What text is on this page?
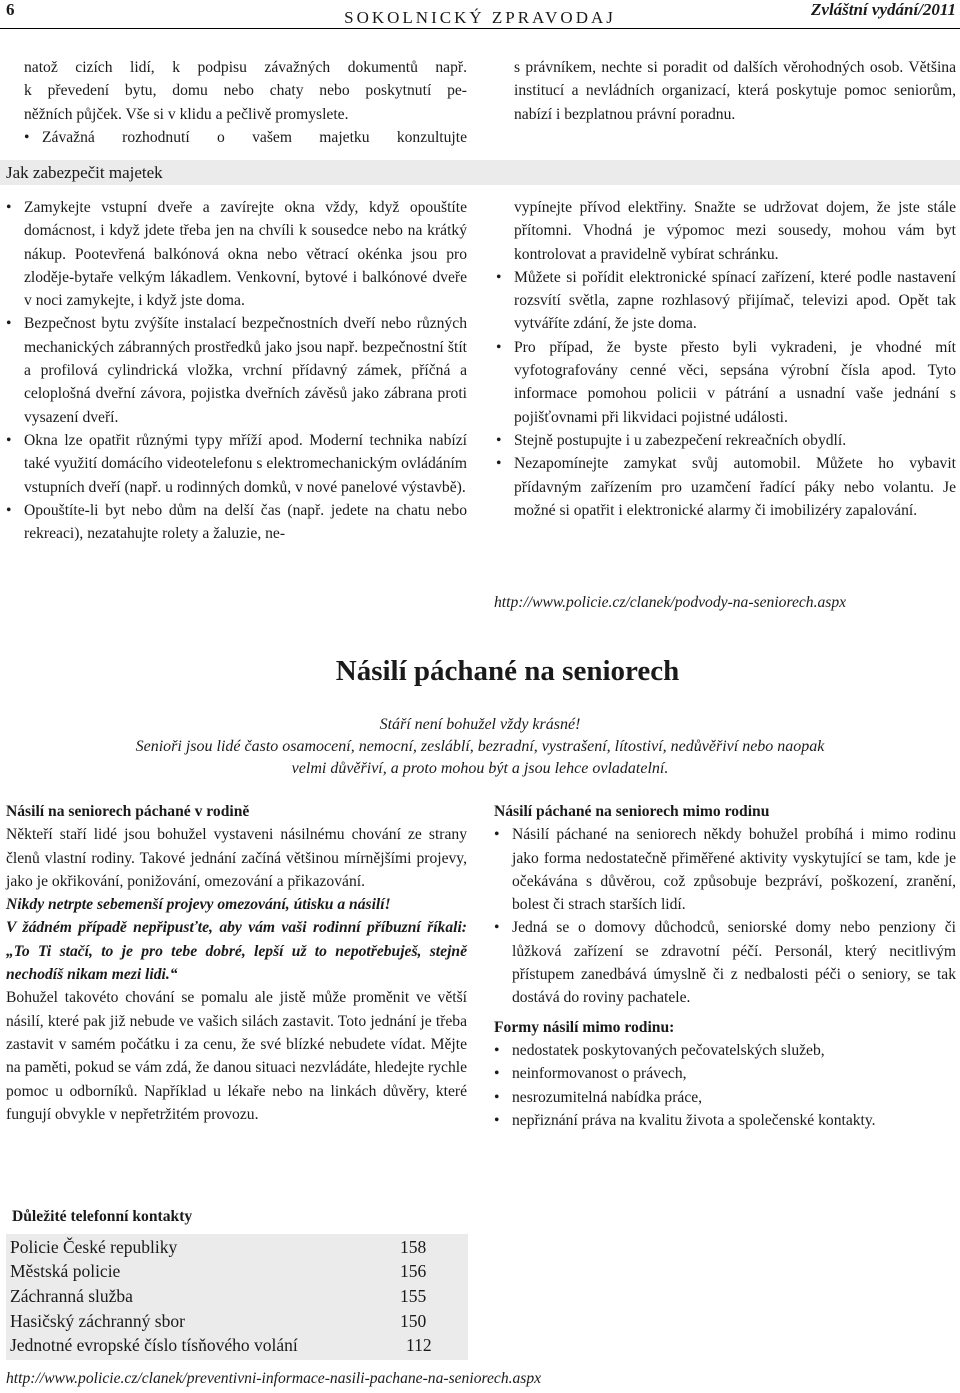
6	SOKOLNICKÝ ZPRAVODAJ	Zvláštní vydání/2011
natož cizích lidí, k podpisu závažných dokumentů např.
k převedení bytu, domu nebo chaty nebo poskytnutí pe-
něžních půjček. Vše si v klidu a pečlivě promyslete.
• Závažná rozhodnutí o vašem majetku konzultujte
s právníkem, nechte si poradit od dalších věrohodných osob. Většina institucí a nevládních organizací, která poskytuje pomoc seniorům, nabízí i bezplatnou právní poradnu.
Jak zabezpečit majetek
• Zamykejte vstupní dveře a zavírejte okna vždy, když opouštíte domácnost, i když jdete třeba jen na chvíli k sousedce nebo na krátký nákup. Pootevřená balkónová okna nebo větrací okénka jsou pro zloděje-bytaře velkým lákadlem. Venkovní, bytové i balkónové dveře v noci zamykejte, i když jste doma.
• Bezpečnost bytu zvýšíte instalací bezpečnostních dveří nebo různých mechanických zábranných prostředků jako jsou např. bezpečnostní štít a profilová cylindrická vložka, vrchní přídavný zámek, příčná a celoplošná dveřní závora, pojistka dveřních závěsů jako zábrana proti vysazení dveří.
• Okna lze opatřit různými typy mříží apod. Moderní technika nabízí také využití domácího videotelefonu s elektromechanickým ovládáním vstupních dveří (např. u rodinných domků, v nové panelové výstavbě).
• Opouštíte-li byt nebo dům na delší čas (např. jedete na chatu nebo rekreaci), nezatahujte rolety a žaluzie, ne-
vypínejte přívod elektřiny. Snažte se udržovat dojem, že jste stále přítomni. Vhodná je výpomoc mezi sousedy, mohou vám byt kontrolovat a pravidelně vybírat schránku.
• Můžete si pořídit elektronické spínací zařízení, které podle nastavení rozsvítí světla, zapne rozhlasový přijímač, televizi apod. Opět tak vytváříte zdání, že jste doma.
• Pro případ, že byste přesto byli vykradeni, je vhodné mít vyfotografovány cenné věci, sepsána výrobní čísla apod. Tyto informace pomohou policii v pátrání a usnadní vaše jednání s pojišťovnami při likvidaci pojistné události.
• Stejně postupujte i u zabezpečení rekreačních obydlí.
• Nezapomínejte zamykat svůj automobil. Můžete ho vybavit přídavným zařízením pro uzamčení řadící páky nebo volantu. Je možné si opatřit i elektronické alarmy či imobilizéry zapalování.
http://www.policie.cz/clanek/podvody-na-seniorech.aspx
Násilí páchané na seniorech
Stáří není bohužel vždy krásné!
Senioři jsou lidé často osamocení, nemocní, zesláblí, bezradní, vystrašení, lítostiví, nedůvěřiví nebo naopak
velmi důvěřiví, a proto mohou být a jsou lehce ovladatelní.
Násilí na seniorech páchané v rodině
Někteří staří lidé jsou bohužel vystaveni násilnému chování ze strany členů vlastní rodiny. Takové jednání začíná většinou mírnějšími projevy, jako je okřikování, ponižování, omezování a přikazování.
Nikdy netrpte sebemenší projevy omezování, útisku a násilí!
V žádném případě nepřipusťte, aby vám vaši rodinní příbuzní říkali: „To Ti stačí, to je pro tebe dobré, lepší už to nepotřebuješ, stejně nechodíš nikam mezi lidi.“
Bohužel takovéto chování se pomalu ale jistě může proměnit ve větší násilí, které pak již nebude ve vašich silách zastavit. Toto jednání je třeba zastavit v samém počátku i za cenu, že své blízké nebudete vídat. Mějte na paměti, pokud se vám zdá, že danou situaci nezvládáte, hledejte rychle pomoc u odborníků. Například u lékaře nebo na linkách důvěry, které fungují obvykle v nepřetržitém provozu.
Násilí páchané na seniorech mimo rodinu
• Násilí páchané na seniorech někdy bohužel probíhá i mimo rodinu jako forma nedostatečně přiměřené aktivity vyskytující se tam, kde je očekávána s důvěrou, což způsobuje bezpráví, poškození, zranění, bolest či strach starších lidí.
• Jedná se o domovy důchodců, seniorské domy nebo penziony či lůžková zařízení se zdravotní péčí. Personál, který necitlivým přístupem zanedbává úmyslně či z nedbalosti péči o seniory, se tak dostává do roviny pachatele.
Formy násilí mimo rodinu:
• nedostatek poskytovaných pečovatelských služeb,
• neinformovanost o právech,
• nesrozumitelná nabídka práce,
• nepřiznání práva na kvalitu života a společenské kontakty.
Důležité telefonní kontakty
Policie České republiky	158
Městská policie	156
Záchranná služba	155
Hasičský záchranný sbor	150
Jednotné evropské číslo tísňového volání	112
http://www.policie.cz/clanek/preventivni-informace-nasili-pachane-na-seniorech.aspx
